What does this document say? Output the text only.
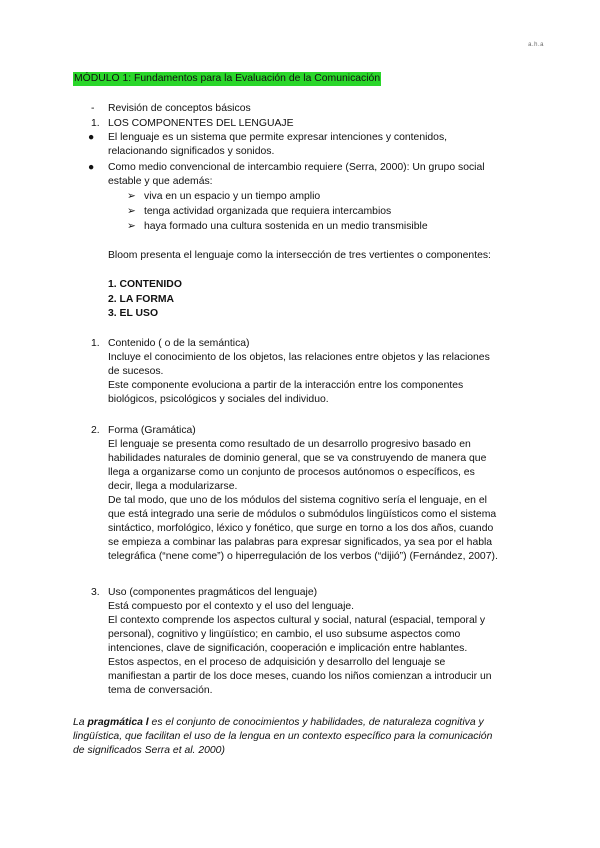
a.h.a
MÓDULO 1: Fundamentos para la Evaluación de la Comunicación
- Revisión de conceptos básicos
1. LOS COMPONENTES DEL LENGUAJE
●	El lenguaje es un sistema que permite expresar intenciones y contenidos,
relacionando significados y sonidos.
●	Como medio convencional de intercambio requiere (Serra, 2000): Un grupo social
estable y que además:
➢ viva en un espacio y un tiempo amplio
➢ tenga actividad organizada que requiera intercambios
➢ haya formado una cultura sostenida en un medio transmisible
Bloom presenta el lenguaje como la intersección de tres vertientes o componentes:
1. CONTENIDO
2. LA FORMA
3. EL USO
1. Contenido ( o de la semántica)
Incluye el conocimiento de los objetos, las relaciones entre objetos y las relaciones
de sucesos.
Este componente evoluciona a partir de la interacción entre los componentes
biológicos, psicológicos y sociales del individuo.
2. Forma (Gramática)
El lenguaje se presenta como resultado de un desarrollo progresivo basado en
habilidades naturales de dominio general, que se va construyendo de manera que
llega a organizarse como un conjunto de procesos autónomos o específicos, es
decir, llega a modularizarse.
De tal modo, que uno de los módulos del sistema cognitivo sería el lenguaje, en el
que está integrado una serie de módulos o submódulos lingüísticos como el sistema
sintáctico, morfológico, léxico y fonético, que surge en torno a los dos años, cuando
se empieza a combinar las palabras para expresar significados, ya sea por el habla
telegráfica (“nene come”) o hiperregulación de los verbos (“dijió”) (Fernández, 2007).
3. Uso (componentes pragmáticos del lenguaje)
Está compuesto por el contexto y el uso del lenguaje.
El contexto comprende los aspectos cultural y social, natural (espacial, temporal y
personal), cognitivo y lingüístico; en cambio, el uso subsume aspectos como
intenciones, clave de significación, cooperación e implicación entre hablantes.
Estos aspectos, en el proceso de adquisición y desarrollo del lenguaje se
manifiestan a partir de los doce meses, cuando los niños comienzan a introducir un
tema de conversación.
La pragmática l es el conjunto de conocimientos y habilidades, de naturaleza cognitiva y
lingüística, que facilitan el uso de la lengua en un contexto específico para la comunicación
de significados Serra et al. 2000)
